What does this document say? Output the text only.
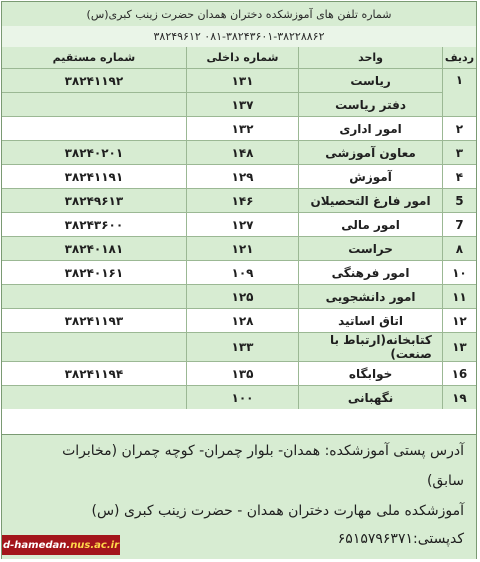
شماره تلفن های آموزشکده دختران همدان حضرت زینب کبری(س)
۰۸۱-۳۸۲۴۳۶۰۱-۳۸۲۲۸۸۶۲ ۳۸۲۴۹۶۱۲
ردیف	واحد	شماره داخلی	شماره مستقیم
۱	ریاست	۱۳۱	۳۸۲۴۱۱۹۲
	دفتر ریاست	۱۳۷	
۲	امور اداری	۱۳۲	
۳	معاون آموزشی	۱۴۸	۳۸۲۴۰۲۰۱
۴	آموزش	۱۲۹	۳۸۲۴۱۱۹۱
5	امور فارغ التحصیلان	۱۴۶	۳۸۲۴۹۶۱۳
7	امور مالی	۱۲۷	۳۸۲۴۳۶۰۰
۸	حراست	۱۲۱	۳۸۲۴۰۱۸۱
۱۰	امور فرهنگی	۱۰۹	۳۸۲۴۰۱۶۱
۱۱	امور دانشجویی	۱۲۵	
۱۲	اتاق اساتید	۱۲۸	۳۸۲۴۱۱۹۳
۱۳	کتابخانه(ارتباط با صنعت)	۱۳۳	
۱6	خوابگاه	۱۳۵	۳۸۲۴۱۱۹۴
۱۹	نگهبانی	۱۰۰	
آدرس پستی آموزشکده: همدان- بلوار چمران- کوچه چمران (مخابرات
سابق)
آموزشکده ملی مهارت دختران همدان - حضرت زینب کبری (س)
کدپستی:۶۵۱۵۷۹۶۳۷۱
d-hamedan. nus.ac.ir
